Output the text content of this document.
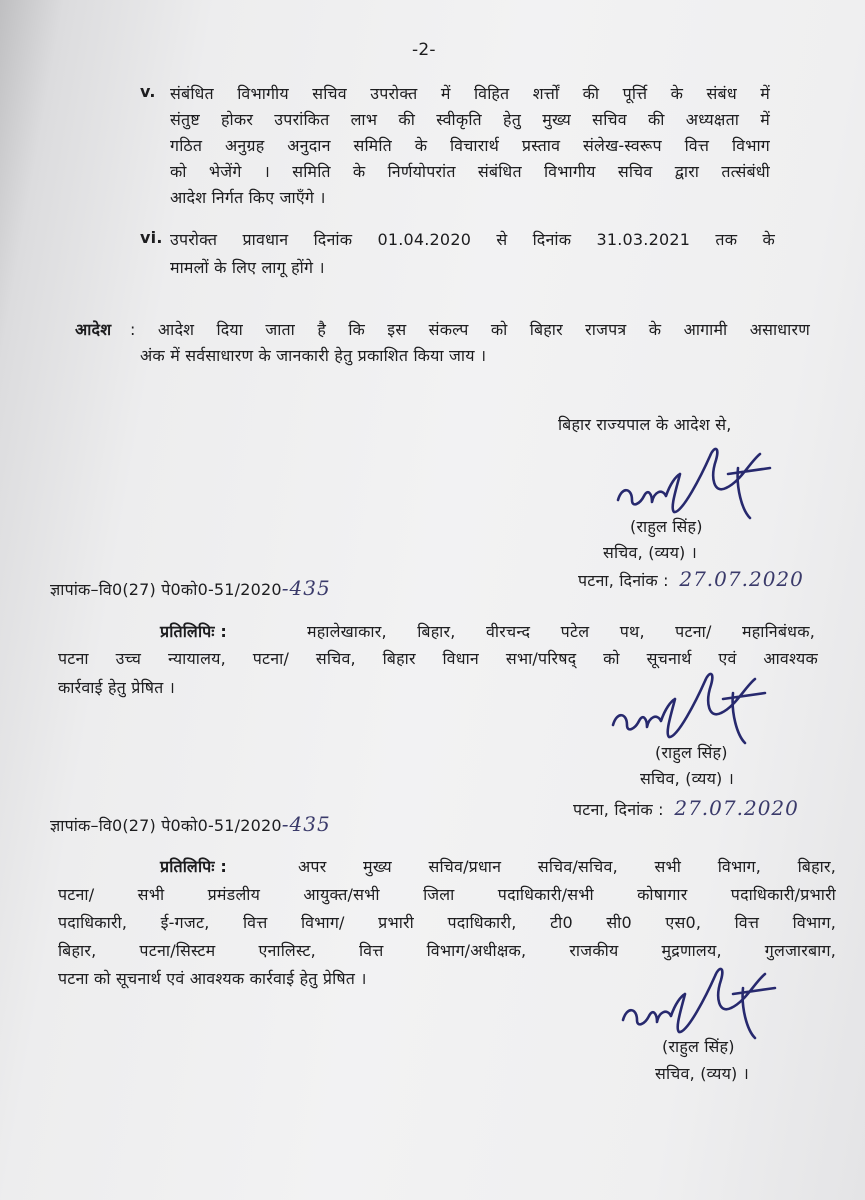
-2-
v. संबंधित विभागीय सचिव उपरोक्त में विहित शर्त्तों की पूर्त्ति के संबंध में
संतुष्ट होकर उपरांकित लाभ की स्वीकृति हेतु मुख्य सचिव की अध्यक्षता में
गठित अनुग्रह अनुदान समिति के विचारार्थ प्रस्ताव संलेख-स्वरूप वित्त विभाग
को भेजेंगे । समिति के निर्णयोपरांत संबंधित विभागीय सचिव द्वारा तत्संबंधी
आदेश निर्गत किए जाएँगे ।
vi. उपरोक्त प्रावधान दिनांक 01.04.2020 से दिनांक 31.03.2021 तक के
मामलों के लिए लागू होंगे ।
आदेश : आदेश दिया जाता है कि इस संकल्प को बिहार राजपत्र के आगामी असाधारण
अंक में सर्वसाधारण के जानकारी हेतु प्रकाशित किया जाय ।
बिहार राज्यपाल के आदेश से,
(राहुल सिंह)
सचिव, (व्यय) ।
ज्ञापांक–वि0(27) पे0को0-51/2020-435	पटना, दिनांक : 27.07.2020
प्रतिलिपिः :	महालेखाकार, बिहार, वीरचन्द पटेल पथ, पटना/ महानिबंधक,
पटना उच्च न्यायालय, पटना/ सचिव, बिहार विधान सभा/परिषद् को सूचनार्थ एवं आवश्यक
कार्रवाई हेतु प्रेषित ।
(राहुल सिंह)
सचिव, (व्यय) ।
ज्ञापांक–वि0(27) पे0को0-51/2020-435
पटना, दिनांक : 27.07.2020
प्रतिलिपिः :	अपर मुख्य सचिव/प्रधान सचिव/सचिव, सभी विभाग, बिहार,
पटना/ सभी प्रमंडलीय आयुक्त/सभी जिला पदाधिकारी/सभी कोषागार पदाधिकारी/प्रभारी
पदाधिकारी, ई-गजट, वित्त विभाग/ प्रभारी पदाधिकारी, टी0 सी0 एस0, वित्त विभाग,
बिहार, पटना/सिस्टम एनालिस्ट, वित्त विभाग/अधीक्षक, राजकीय मुद्रणालय, गुलजारबाग,
पटना को सूचनार्थ एवं आवश्यक कार्रवाई हेतु प्रेषित ।
(राहुल सिंह)
सचिव, (व्यय) ।
